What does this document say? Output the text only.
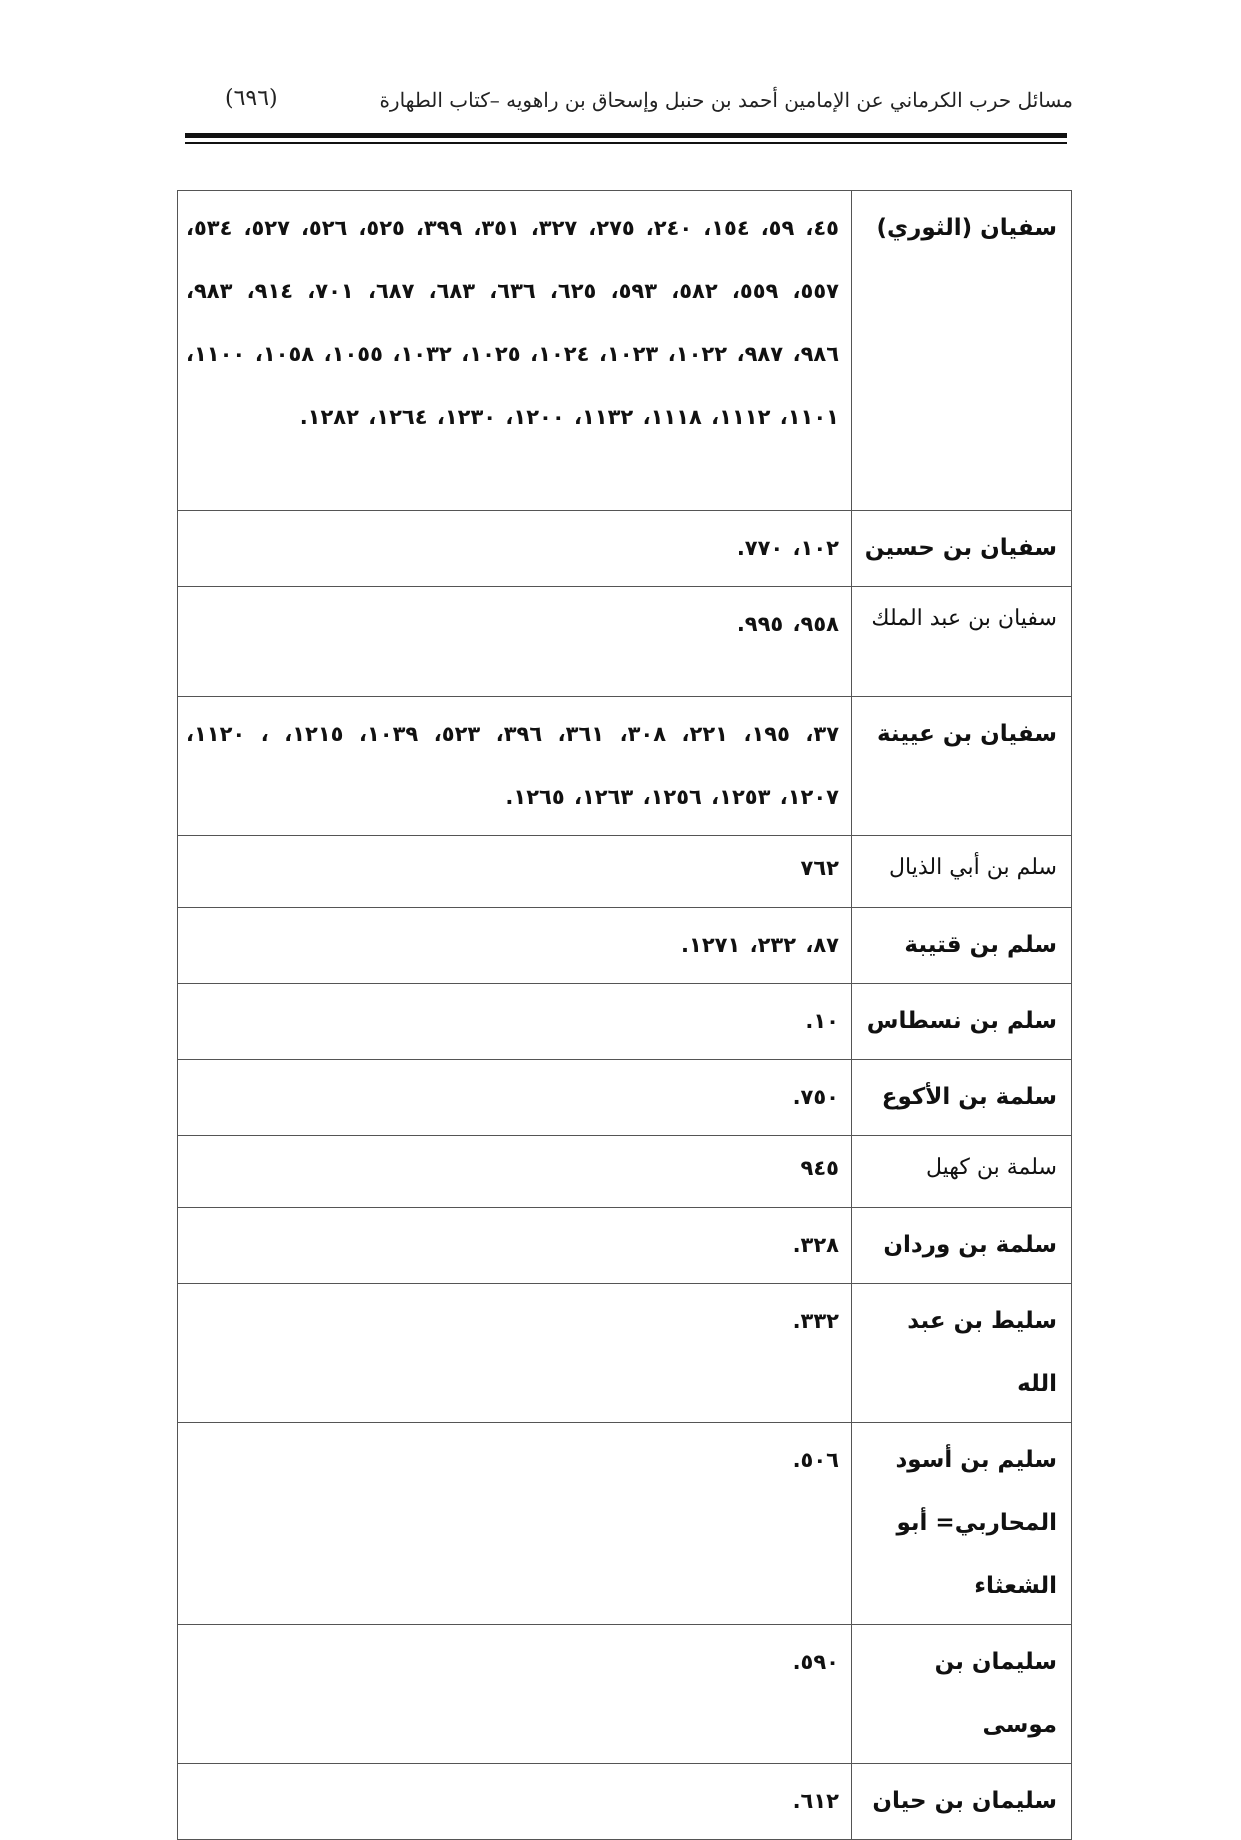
مسائل حرب الكرماني عن الإمامين أحمد بن حنبل وإسحاق بن راهويه –كتاب الطهارة
(٦٩٦)
سفيان (الثوري)	٤٥، ٥٩، ١٥٤، ٢٤٠، ٢٧٥، ٣٢٧، ٣٥١، ٣٩٩، ٥٢٥، ٥٢٦، ٥٢٧، ٥٣٤، ٥٥٧، ٥٥٩، ٥٨٢، ٥٩٣، ٦٢٥، ٦٣٦، ٦٨٣، ٦٨٧، ٧٠١، ٩١٤، ٩٨٣، ٩٨٦، ٩٨٧، ١٠٢٢، ١٠٢٣، ١٠٢٤، ١٠٢٥، ١٠٣٢، ١٠٥٥، ١٠٥٨، ١١٠٠، ١١٠١، ١١١٢، ١١١٨، ١١٣٢، ١٢٠٠، ١٢٣٠، ١٢٦٤، ١٢٨٢.
سفيان بن حسين	١٠٢، ٧٧٠.
سفيان بن عبد الملك	٩٥٨، ٩٩٥.
سفيان بن عيينة	٣٧، ١٩٥، ٢٢١، ٣٠٨، ٣٦١، ٣٩٦، ٥٢٣، ١٠٣٩، ١٢١٥، ، ١١٢٠، ١٢٠٧، ١٢٥٣، ١٢٥٦، ١٢٦٣، ١٢٦٥.
سلم بن أبي الذيال	٧٦٢
سلم بن قتيبة	٨٧، ٢٣٢، ١٢٧١.
سلم بن نسطاس	١٠.
سلمة بن الأكوع	٧٥٠.
سلمة بن كهيل	٩٤٥
سلمة بن وردان	٣٢٨.
سليط بن عبد الله	٣٣٢.
سليم بن أسود المحاربي= أبو الشعثاء	٥٠٦.
سليمان بن موسى	٥٩٠.
سليمان بن حيان	٦١٢.
